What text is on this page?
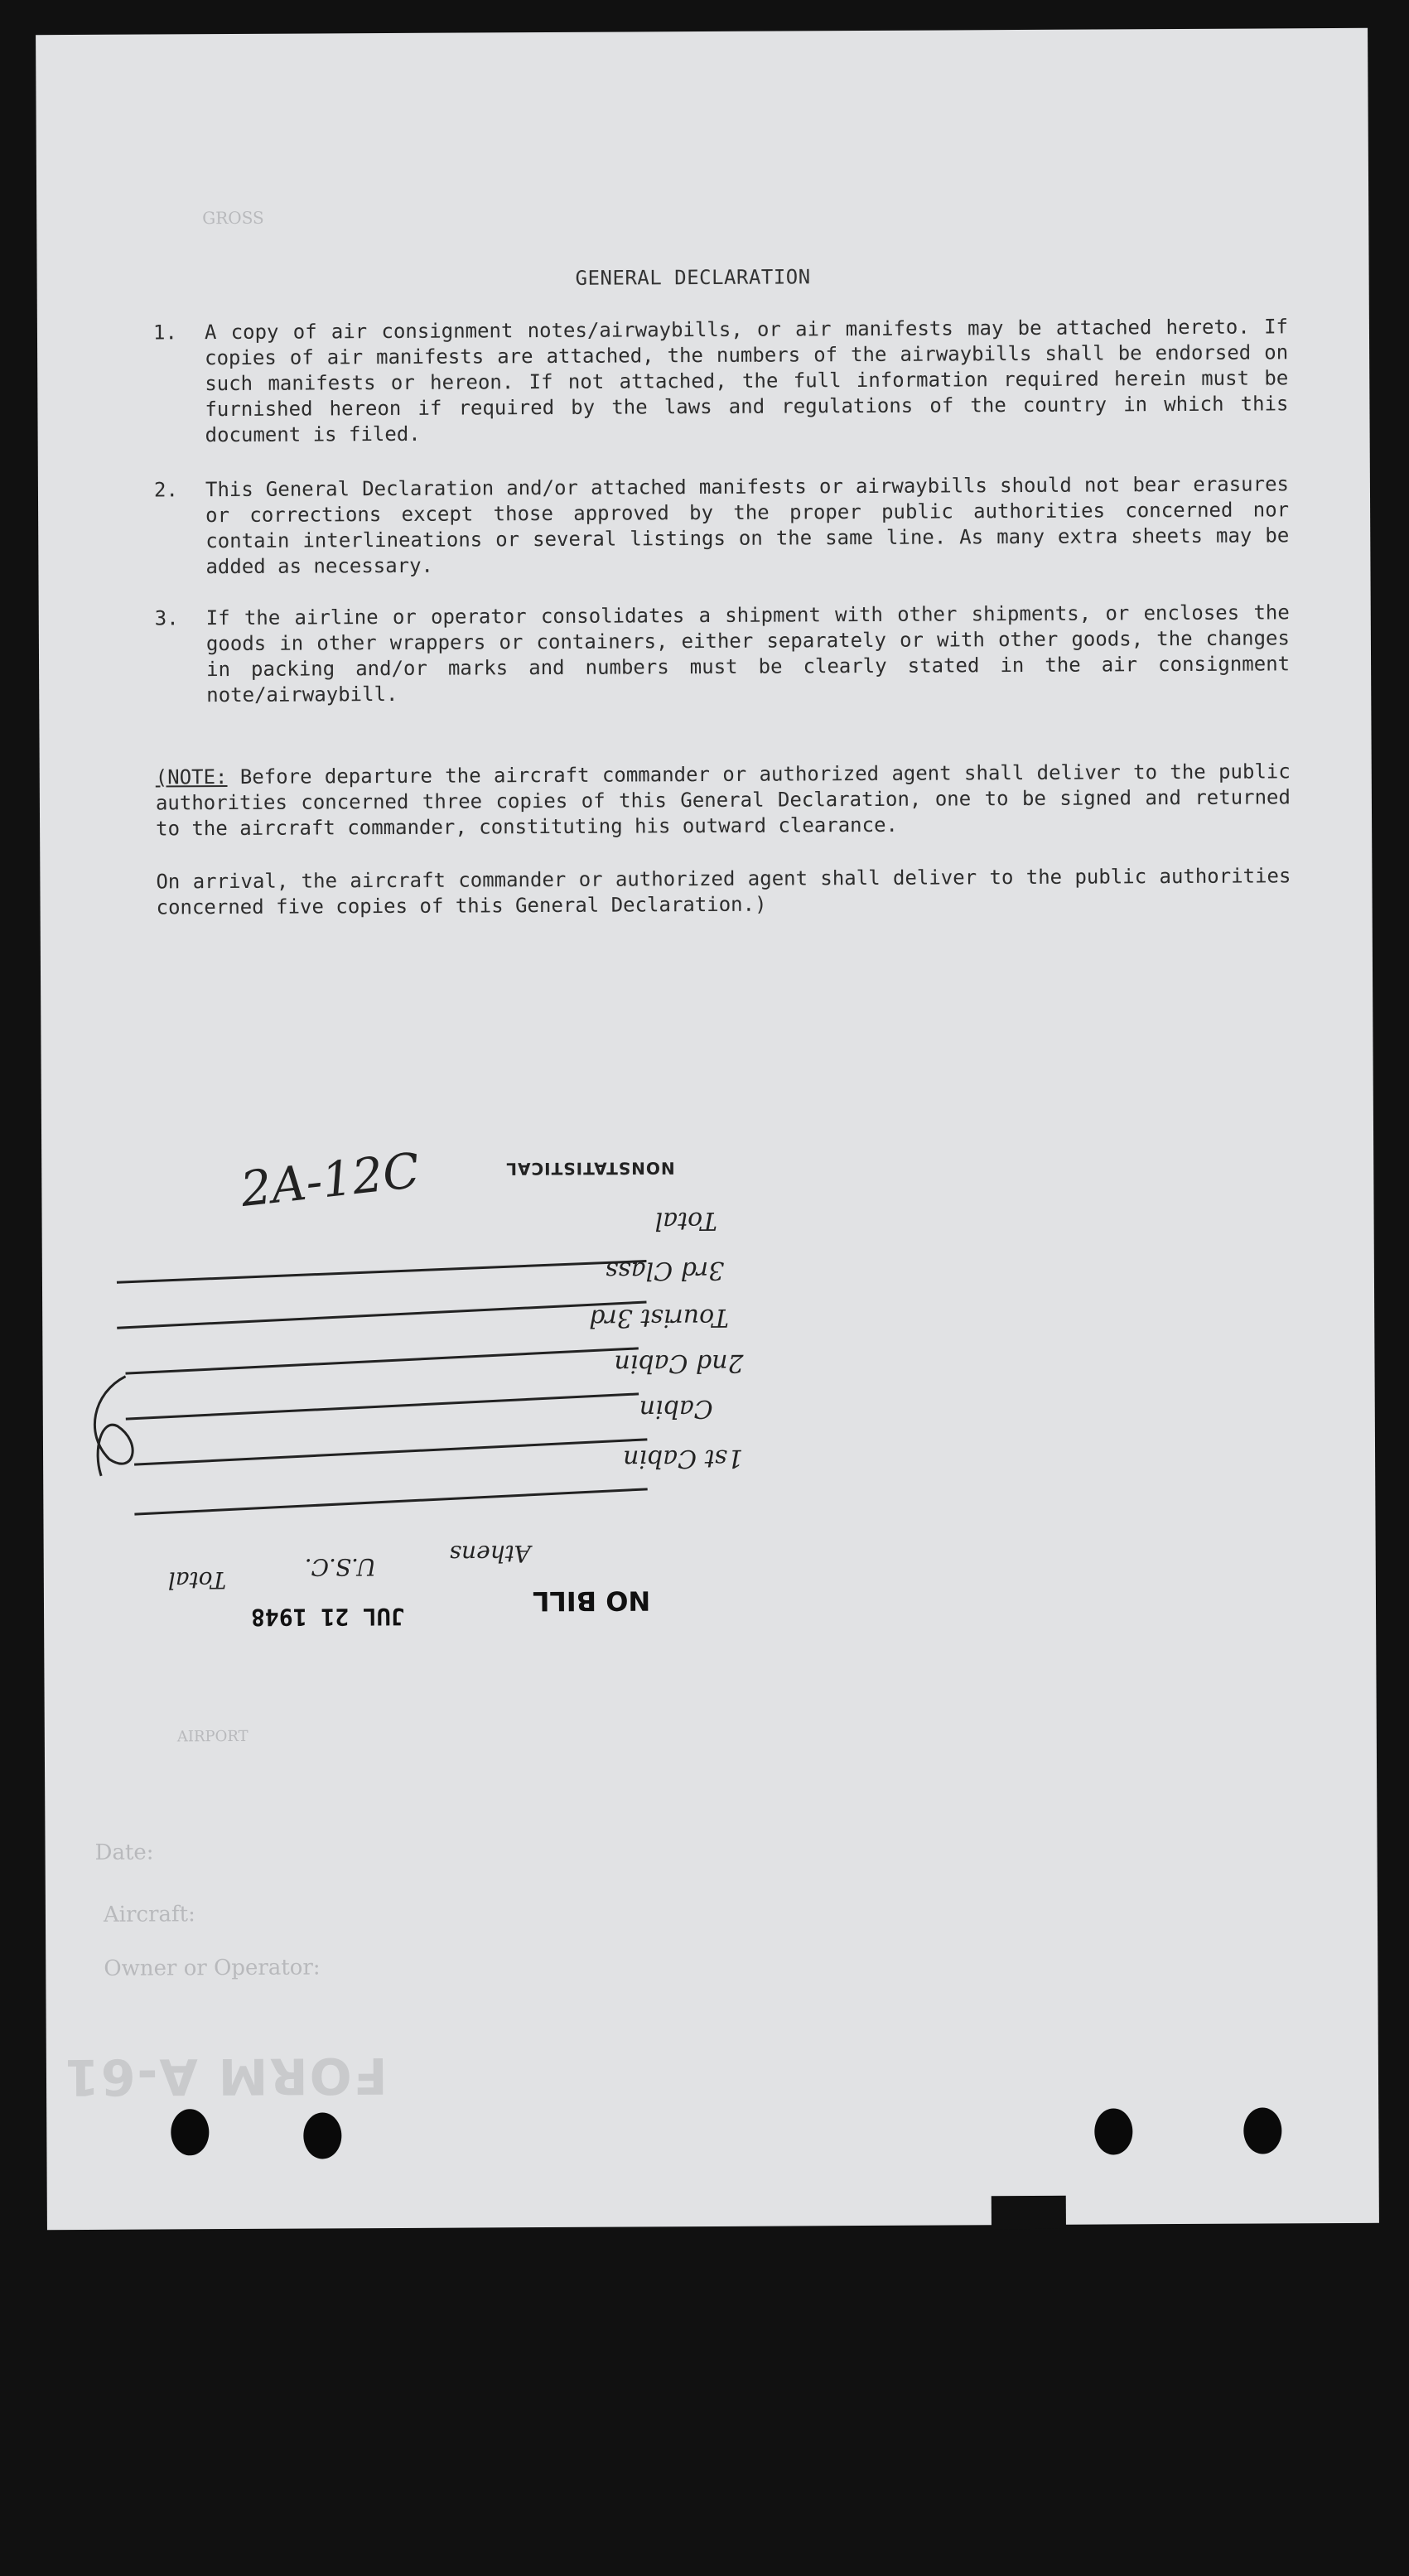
GROSS
Date:
Aircraft:
Owner or Operator:
AIRPORT
FORM A-61
GENERAL DECLARATION
1. A copy of air consignment notes/airwaybills, or air manifests may be attached hereto. If copies of air manifests are attached, the numbers of the airwaybills shall be endorsed on such manifests or hereon. If not attached, the full information required herein must be furnished hereon if required by the laws and regulations of the country in which this document is filed.
2. This General Declaration and/or attached manifests or airwaybills should not bear erasures or corrections except those approved by the proper public authorities concerned nor contain interlineations or several listings on the same line. As many extra sheets may be added as necessary.
3. If the airline or operator consolidates a shipment with other shipments, or encloses the goods in other wrappers or containers, either separately or with other goods, the changes in packing and/or marks and numbers must be clearly stated in the air consignment note/airwaybill.
(NOTE: Before departure the aircraft commander or authorized agent shall deliver to the public authorities concerned three copies of this General Declaration, one to be signed and returned to the aircraft commander, constituting his outward clearance.
On arrival, the aircraft commander or authorized agent shall deliver to the public authorities concerned five copies of this General Declaration.)
NONSTATISTICAL
2A-12C
Total
3rd Class
Tourist 3rd
2nd Cabin
Cabin
1st Cabin
Athens
U.S.C.
Total
JUL 21 1948	NO BILL
